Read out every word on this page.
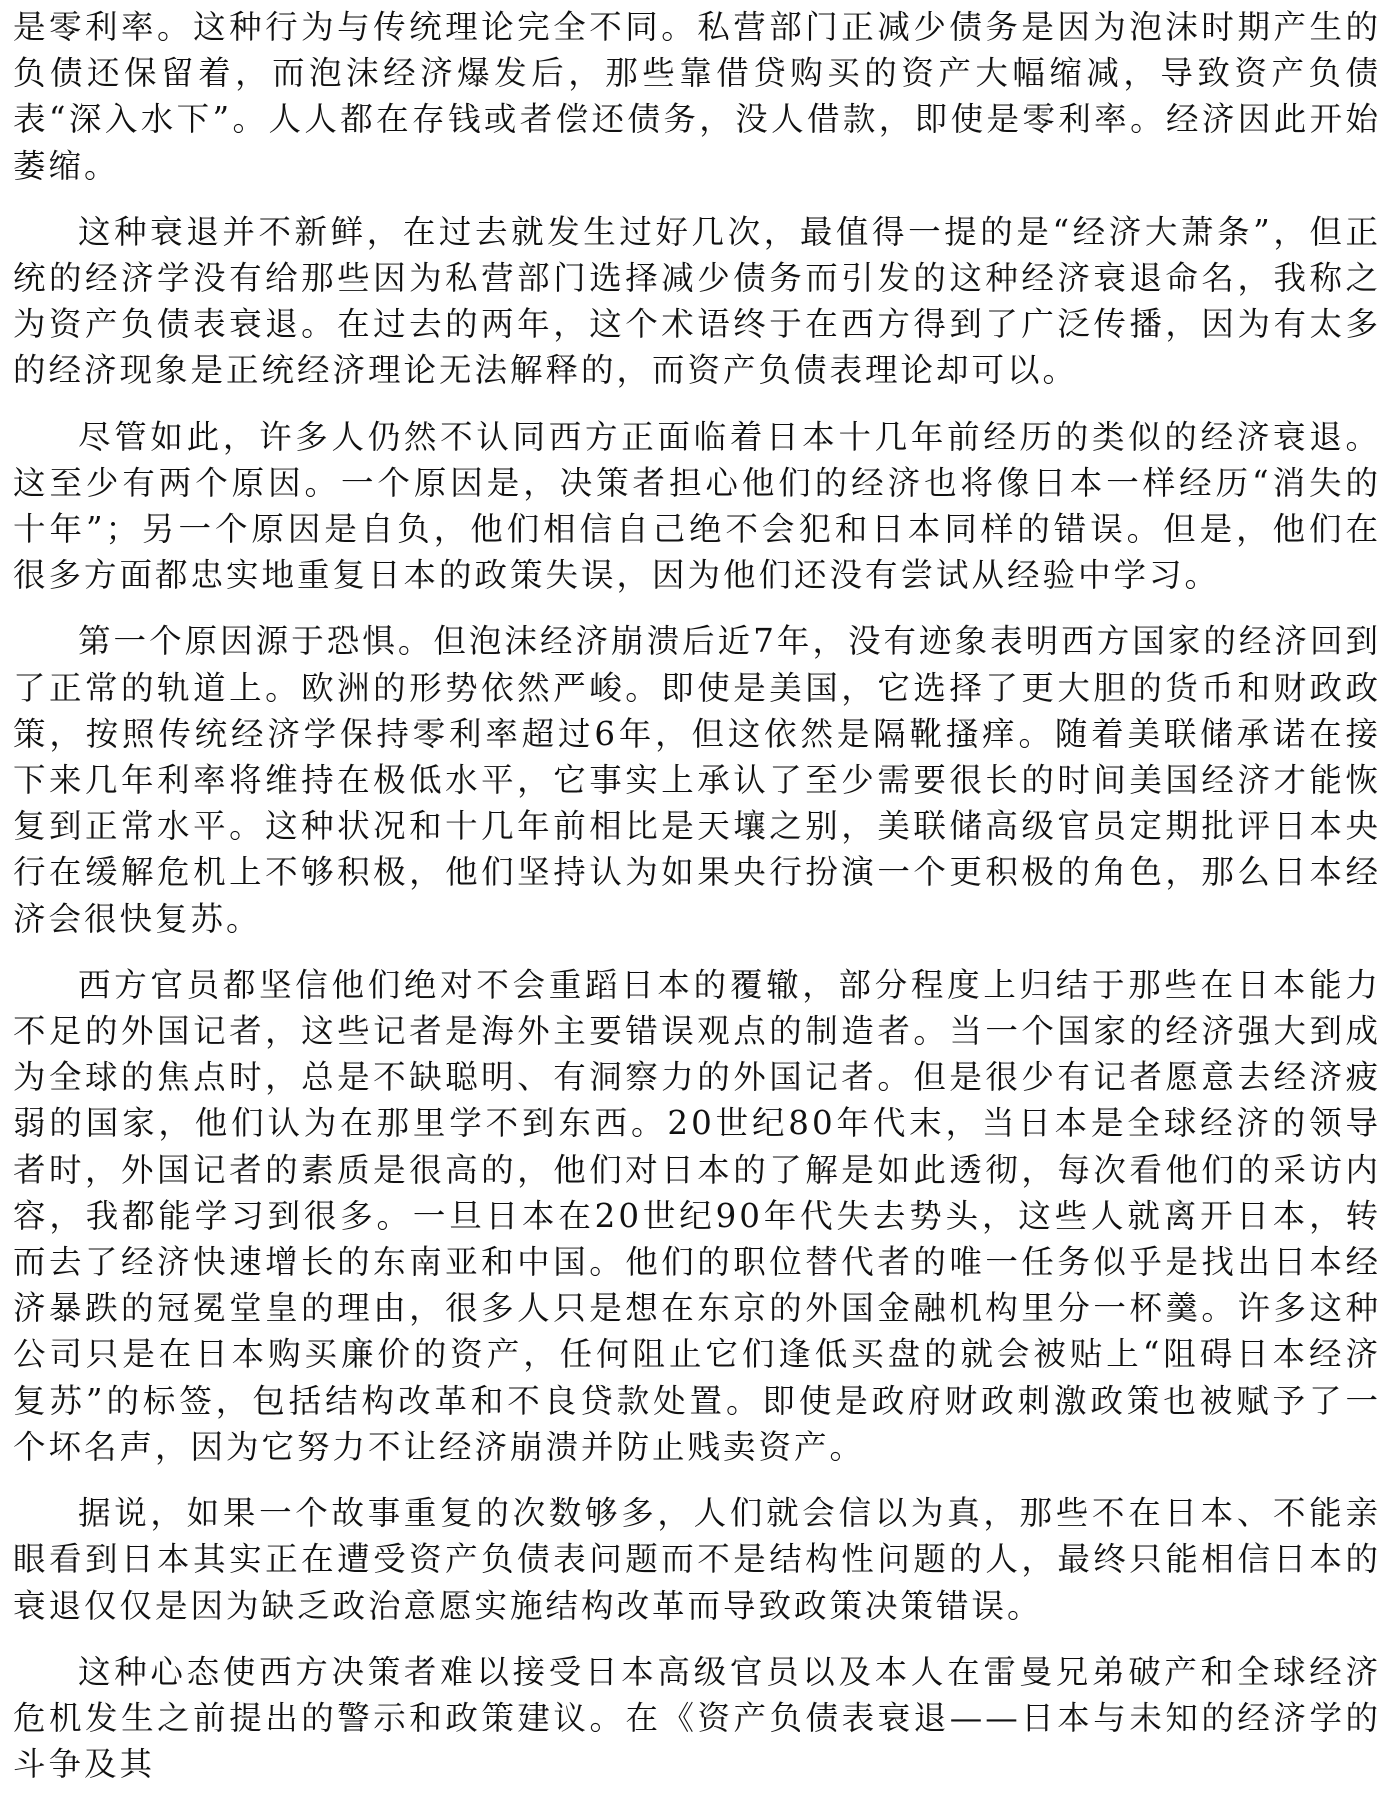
是零利率。这种行为与传统理论完全不同。私营部门正减少债务是因为泡沫时期产生的负债还保留着，而泡沫经济爆发后，那些靠借贷购买的资产大幅缩减，导致资产负债表“深入水下”。人人都在存钱或者偿还债务，没人借款，即使是零利率。经济因此开始萎缩。

这种衰退并不新鲜，在过去就发生过好几次，最值得一提的是“经济大萧条”，但正统的经济学没有给那些因为私营部门选择减少债务而引发的这种经济衰退命名，我称之为资产负债表衰退。在过去的两年，这个术语终于在西方得到了广泛传播，因为有太多的经济现象是正统经济理论无法解释的，而资产负债表理论却可以。

尽管如此，许多人仍然不认同西方正面临着日本十几年前经历的类似的经济衰退。这至少有两个原因。一个原因是，决策者担心他们的经济也将像日本一样经历“消失的十年”；另一个原因是自负，他们相信自己绝不会犯和日本同样的错误。但是，他们在很多方面都忠实地重复日本的政策失误，因为他们还没有尝试从经验中学习。

第一个原因源于恐惧。但泡沫经济崩溃后近7年，没有迹象表明西方国家的经济回到了正常的轨道上。欧洲的形势依然严峻。即使是美国，它选择了更大胆的货币和财政政策，按照传统经济学保持零利率超过6年，但这依然是隔靴搔痒。随着美联储承诺在接下来几年利率将维持在极低水平，它事实上承认了至少需要很长的时间美国经济才能恢复到正常水平。这种状况和十几年前相比是天壤之别，美联储高级官员定期批评日本央行在缓解危机上不够积极，他们坚持认为如果央行扮演一个更积极的角色，那么日本经济会很快复苏。

西方官员都坚信他们绝对不会重蹈日本的覆辙，部分程度上归结于那些在日本能力不足的外国记者，这些记者是海外主要错误观点的制造者。当一个国家的经济强大到成为全球的焦点时，总是不缺聪明、有洞察力的外国记者。但是很少有记者愿意去经济疲弱的国家，他们认为在那里学不到东西。20世纪80年代末，当日本是全球经济的领导者时，外国记者的素质是很高的，他们对日本的了解是如此透彻，每次看他们的采访内容，我都能学习到很多。一旦日本在20世纪90年代失去势头，这些人就离开日本，转而去了经济快速增长的东南亚和中国。他们的职位替代者的唯一任务似乎是找出日本经济暴跌的冠冕堂皇的理由，很多人只是想在东京的外国金融机构里分一杯羹。许多这种公司只是在日本购买廉价的资产，任何阻止它们逢低买盘的就会被贴上“阻碍日本经济复苏”的标签，包括结构改革和不良贷款处置。即使是政府财政刺激政策也被赋予了一个坏名声，因为它努力不让经济崩溃并防止贱卖资产。

据说，如果一个故事重复的次数够多，人们就会信以为真，那些不在日本、不能亲眼看到日本其实正在遭受资产负债表问题而不是结构性问题的人，最终只能相信日本的衰退仅仅是因为缺乏政治意愿实施结构改革而导致政策决策错误。

这种心态使西方决策者难以接受日本高级官员以及本人在雷曼兄弟破产和全球经济危机发生之前提出的警示和政策建议。在《资产负债表衰退——日本与未知的经济学的斗争及其
